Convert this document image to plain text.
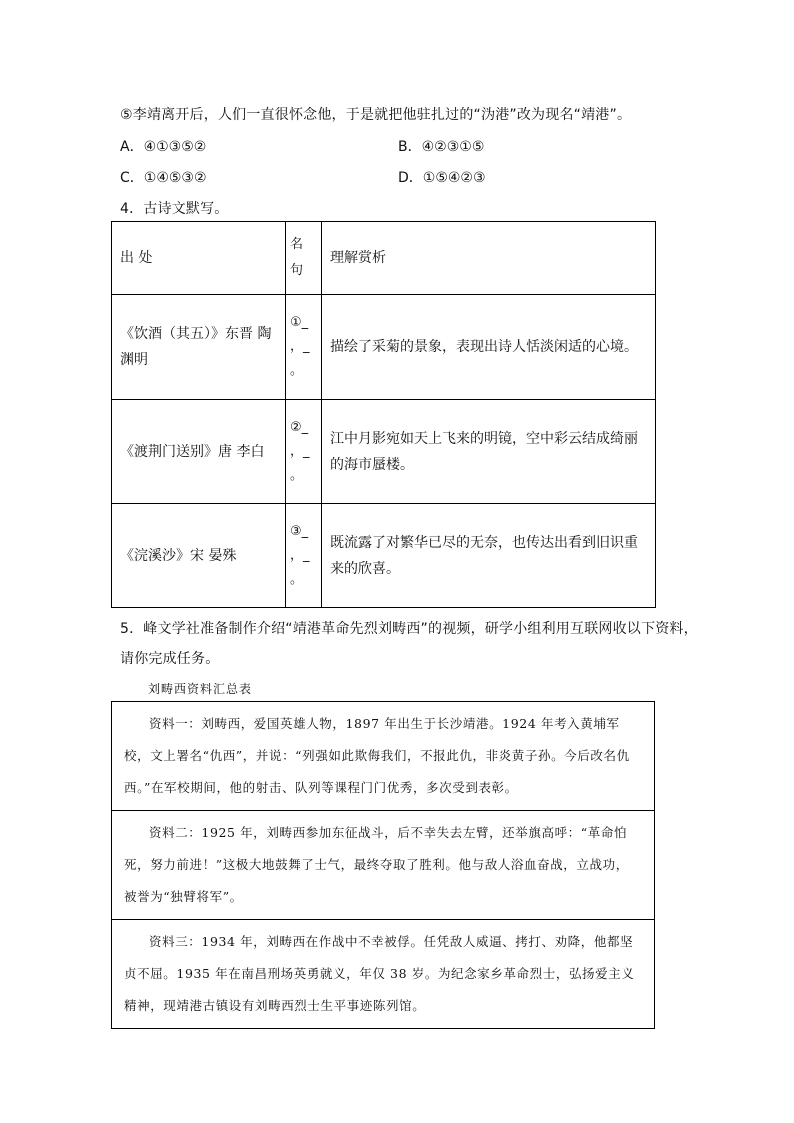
⑤李靖离开后，人们一直很怀念他，于是就把他驻扎过的“沩港”改为现名“靖港”。
A．④①③⑤②	B．④②③①⑤
C．①④⑤③②	D．①⑤④②③
4．古诗文默写。
出 处	名
句	理解赏析
《饮酒（其五）》东晋 陶渊明	①_
，_
。	描绘了采菊的景象，表现出诗人恬淡闲适的心境。
《渡荆门送别》唐 李白	②_
，_
。	江中月影宛如天上飞来的明镜，空中彩云结成绮丽的海市蜃楼。
《浣溪沙》宋 晏殊	③_
，_
。	既流露了对繁华已尽的无奈，也传达出看到旧识重来的欣喜。
5．峰文学社准备制作介绍“靖港革命先烈刘畴西”的视频，研学小组利用互联网收以下资料，
请你完成任务。
刘畴西资料汇总表
资料一：刘畴西，爱国英雄人物，1897 年出生于长沙靖港。1924 年考入黄埔军校，文上署名“仇西”，并说：“列强如此欺侮我们，不报此仇，非炎黄子孙。今后改名仇西。”在军校期间，他的射击、队列等课程门门优秀，多次受到表彰。
资料二：1925 年，刘畴西参加东征战斗，后不幸失去左臂，还举旗高呼：“革命怕死，努力前进！”这极大地鼓舞了士气，最终夺取了胜利。他与敌人浴血奋战，立战功，被誉为“独臂将军”。
资料三：1934 年，刘畴西在作战中不幸被俘。任凭敌人威逼、拷打、劝降，他都坚贞不屈。1935 年在南昌刑场英勇就义，年仅 38 岁。为纪念家乡革命烈士，弘扬爱主义精神，现靖港古镇设有刘畴西烈士生平事迹陈列馆。
